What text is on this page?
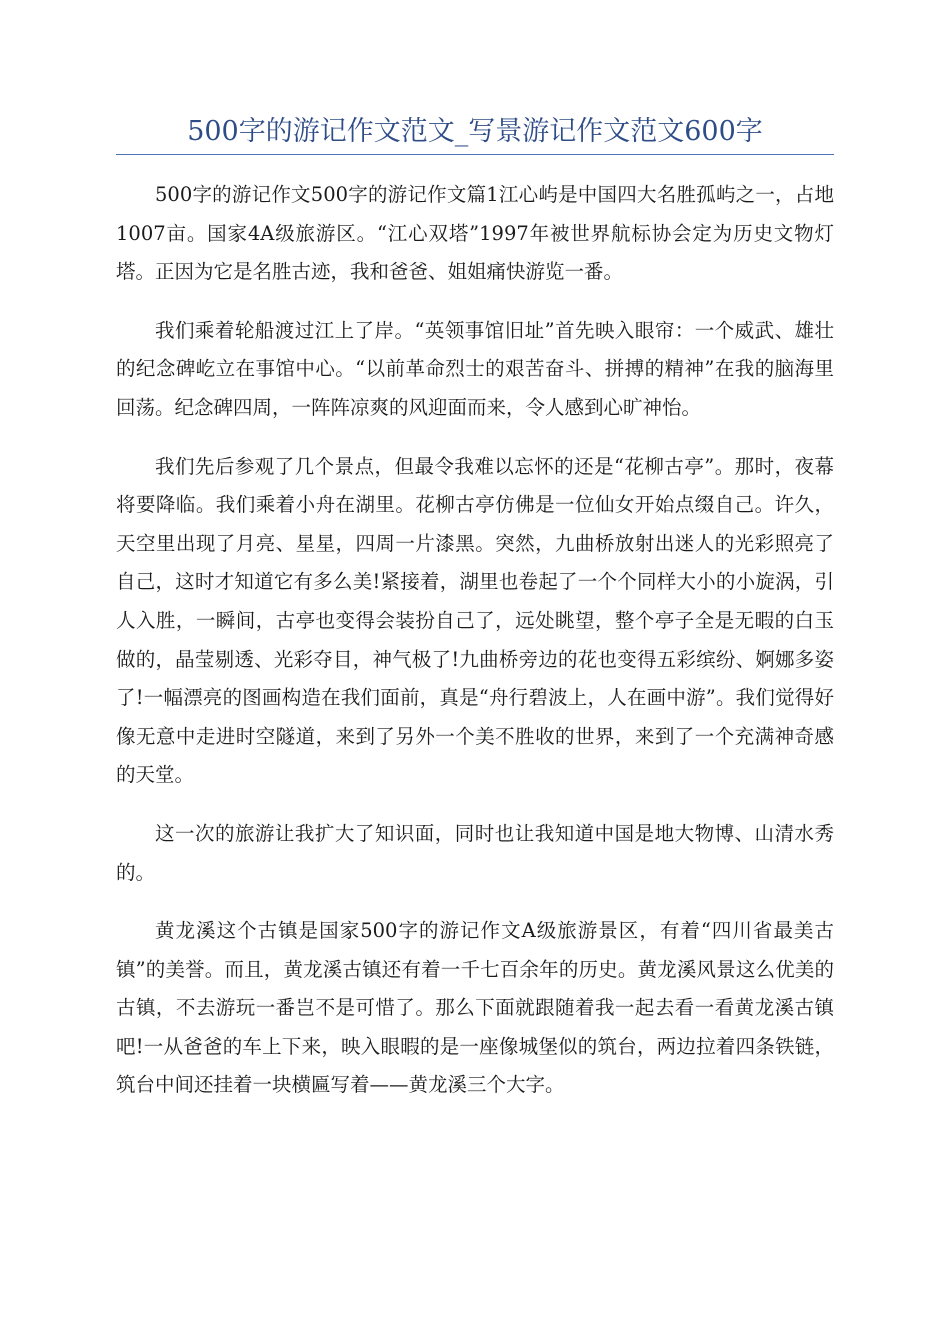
500字的游记作文范文_写景游记作文范文600字

500字的游记作文500字的游记作文篇1江心屿是中国四大名胜孤屿之一，占地1007亩。国家4A级旅游区。“江心双塔”1997年被世界航标协会定为历史文物灯塔。正因为它是名胜古迹，我和爸爸、姐姐痛快游览一番。

我们乘着轮船渡过江上了岸。“英领事馆旧址”首先映入眼帘：一个威武、雄壮的纪念碑屹立在事馆中心。“以前革命烈士的艰苦奋斗、拼搏的精神”在我的脑海里回荡。纪念碑四周，一阵阵凉爽的风迎面而来，令人感到心旷神怡。

我们先后参观了几个景点，但最令我难以忘怀的还是“花柳古亭”。那时，夜幕将要降临。我们乘着小舟在湖里。花柳古亭仿佛是一位仙女开始点缀自己。许久，天空里出现了月亮、星星，四周一片漆黑。突然，九曲桥放射出迷人的光彩照亮了自己，这时才知道它有多么美!紧接着，湖里也卷起了一个个同样大小的小旋涡，引人入胜，一瞬间，古亭也变得会装扮自己了，远处眺望，整个亭子全是无暇的白玉做的，晶莹剔透、光彩夺目，神气极了!九曲桥旁边的花也变得五彩缤纷、婀娜多姿了!一幅漂亮的图画构造在我们面前，真是“舟行碧波上，人在画中游”。我们觉得好像无意中走进时空隧道，来到了另外一个美不胜收的世界，来到了一个充满神奇感的天堂。

这一次的旅游让我扩大了知识面，同时也让我知道中国是地大物博、山清水秀的。

黄龙溪这个古镇是国家500字的游记作文A级旅游景区，有着“四川省最美古镇”的美誉。而且，黄龙溪古镇还有着一千七百余年的历史。黄龙溪风景这么优美的古镇，不去游玩一番岂不是可惜了。那么下面就跟随着我一起去看一看黄龙溪古镇吧!一从爸爸的车上下来，映入眼暇的是一座像城堡似的筑台，两边拉着四条铁链，筑台中间还挂着一块横匾写着——黄龙溪三个大字。
